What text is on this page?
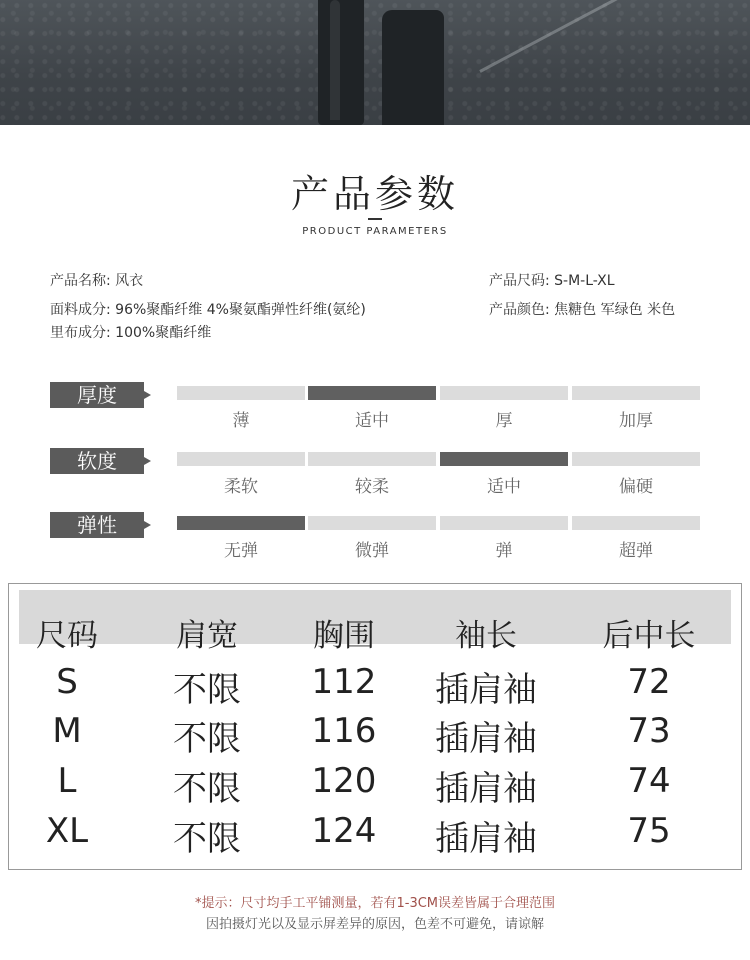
产品参数
PRODUCT PARAMETERS
产品名称: 风衣
面料成分: 96%聚酯纤维 4%聚氨酯弹性纤维(氨纶)
里布成分: 100%聚酯纤维
产品尺码: S-M-L-XL
产品颜色: 焦糖色 军绿色 米色
厚度
薄	适中	厚	加厚
软度
柔软	较柔	适中	偏硬
弹性
无弹	微弹	弹	超弹
尺码	肩宽	胸围	袖长	后中长
S	不限	112	插肩袖	72
M	不限	116	插肩袖	73
L	不限	120	插肩袖	74
XL	不限	124	插肩袖	75
*提示：尺寸均手工平铺测量，若有1-3CM误差皆属于合理范围
因拍摄灯光以及显示屏差异的原因，色差不可避免，请谅解
